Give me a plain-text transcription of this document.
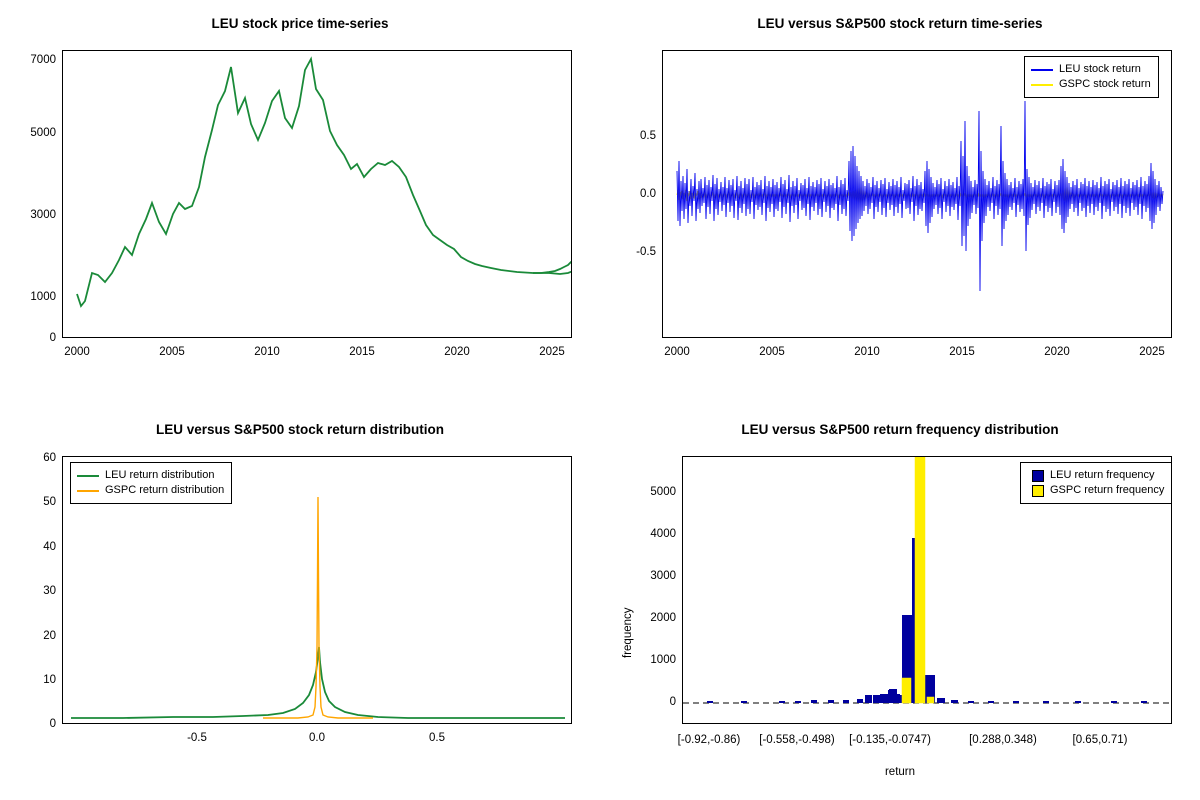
LEU stock price time-series
0
1000
3000
5000
7000
2000	2005	2010	2015	2020	2025
LEU versus S&P500 stock return time-series
LEU stock return
GSPC stock return
-0.5
0.0
0.5
2000	2005	2010	2015	2020	2025
LEU versus S&P500 stock return distribution
LEU return distribution
GSPC return distribution
0
10
20
30
40
50
60
-0.5	0.0	0.5
LEU versus S&P500 return frequency distribution
LEU return frequency
GSPC return frequency
0
1000
2000
3000
4000
5000
frequency
[-0.92,-0.86) [-0.558,-0.498) [-0.135,-0.0747)	[0.288,0.348)	[0.65,0.71)
return
